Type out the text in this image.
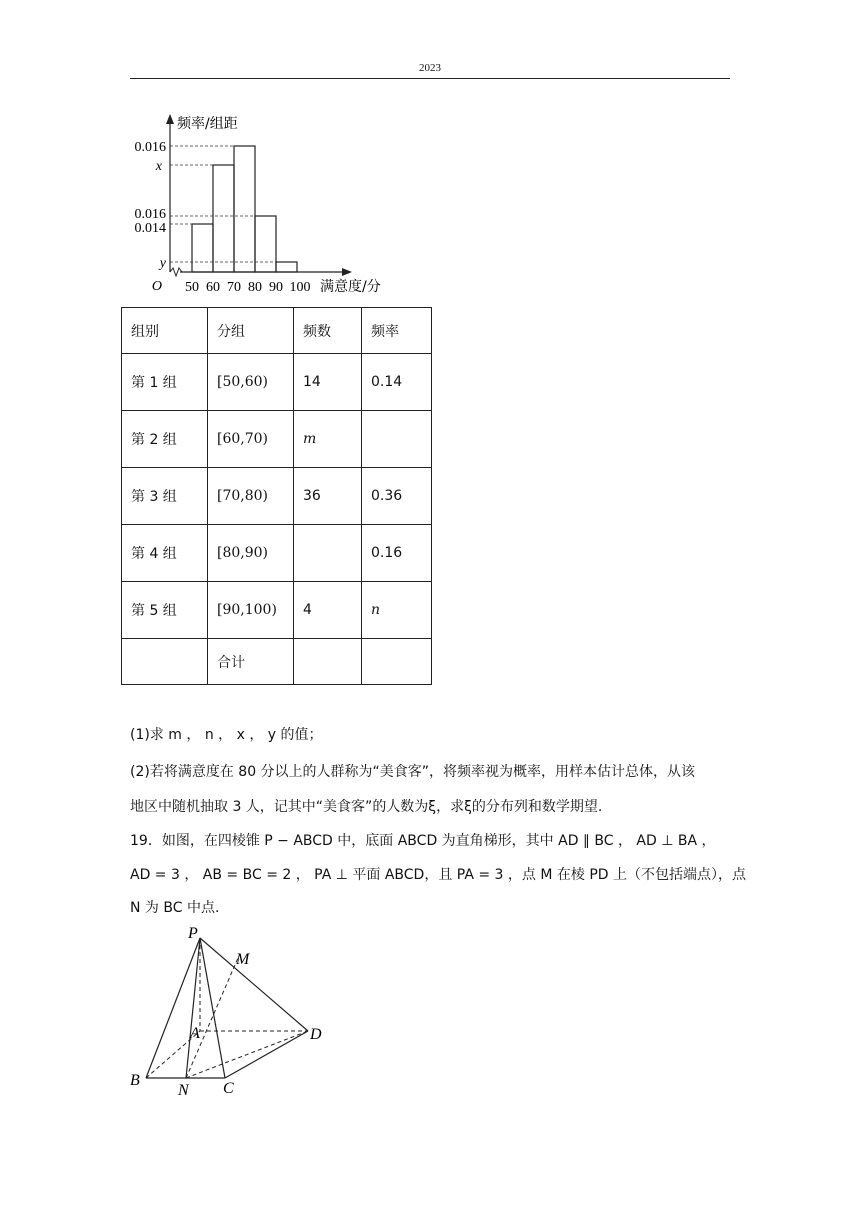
2023
频率/组距
0.016
x
0.016
0.014
y
O 50 60 70 80 90 100 满意度/分
组别	分组	频数	频率
第 1 组	[50,60)	14	0.14
第 2 组	[60,70)	m	
第 3 组	[70,80)	36	0.36
第 4 组	[80,90)		0.16
第 5 组	[90,100)	4	n
	合计		
(1)求 m ， n ， x ， y 的值；
(2)若将满意度在 80 分以上的人群称为“美食客”，将频率视为概率，用样本估计总体，从该
地区中随机抽取 3 人，记其中“美食客”的人数为ξ，求ξ的分布列和数学期望.
19．如图，在四棱锥 P − ABCD 中，底面 ABCD 为直角梯形，其中 AD ∥ BC ， AD ⊥ BA ，
AD = 3 ， AB = BC = 2 ， PA ⊥ 平面 ABCD，且 PA = 3 ，点 M 在棱 PD 上（不包括端点），点
N 为 BC 中点.
P
M
A	D
B
N C
